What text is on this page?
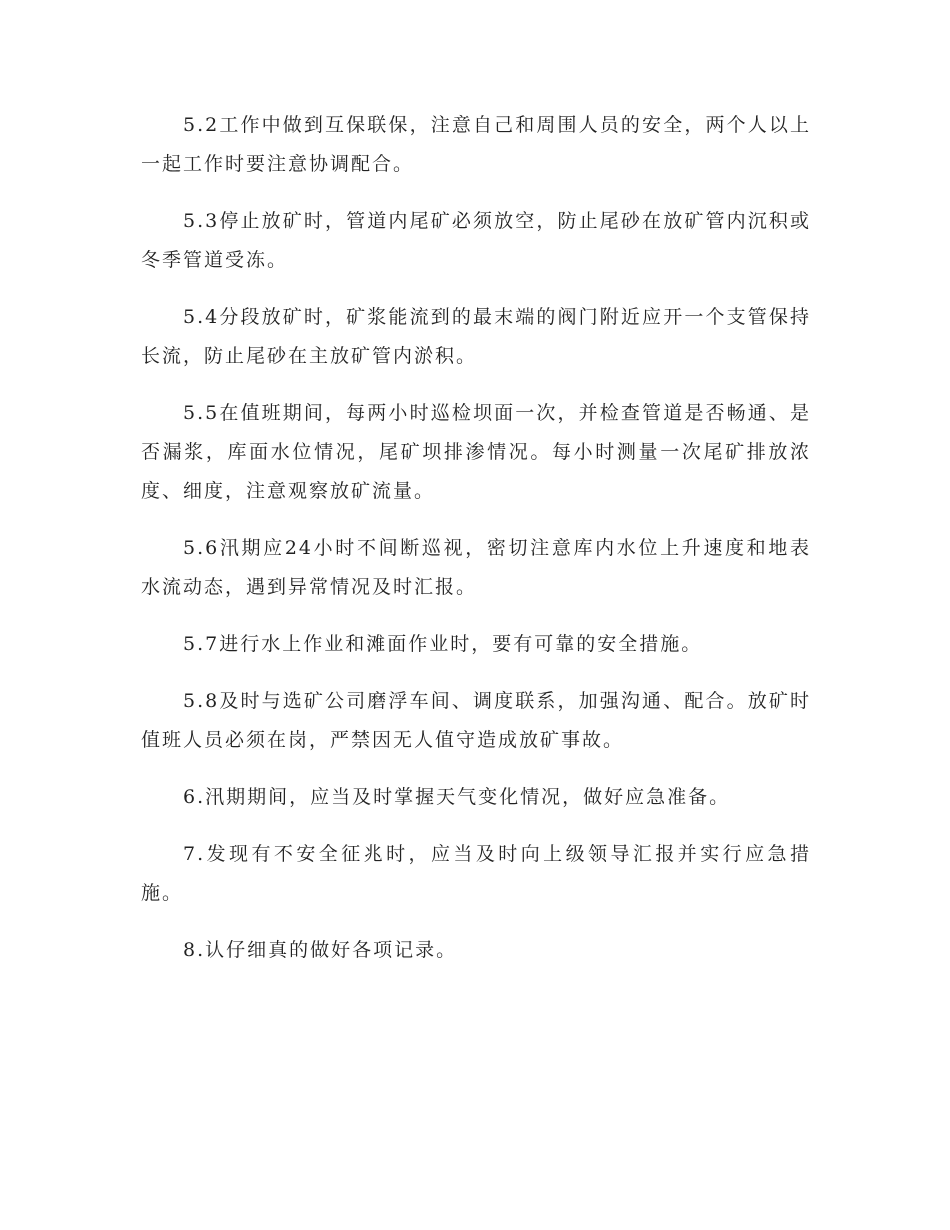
5.2工作中做到互保联保，注意自己和周围人员的安全，两个人以上一起工作时要注意协调配合。

5.3停止放矿时，管道内尾矿必须放空，防止尾砂在放矿管内沉积或冬季管道受冻。

5.4分段放矿时，矿浆能流到的最末端的阀门附近应开一个支管保持长流，防止尾砂在主放矿管内淤积。

5.5在值班期间，每两小时巡检坝面一次，并检查管道是否畅通、是否漏浆，库面水位情况，尾矿坝排渗情况。每小时测量一次尾矿排放浓度、细度，注意观察放矿流量。

5.6汛期应24小时不间断巡视，密切注意库内水位上升速度和地表水流动态，遇到异常情况及时汇报。

5.7进行水上作业和滩面作业时，要有可靠的安全措施。

5.8及时与选矿公司磨浮车间、调度联系，加强沟通、配合。放矿时值班人员必须在岗，严禁因无人值守造成放矿事故。

6.汛期期间，应当及时掌握天气变化情况，做好应急准备。

7.发现有不安全征兆时，应当及时向上级领导汇报并实行应急措施。

8.认仔细真的做好各项记录。
